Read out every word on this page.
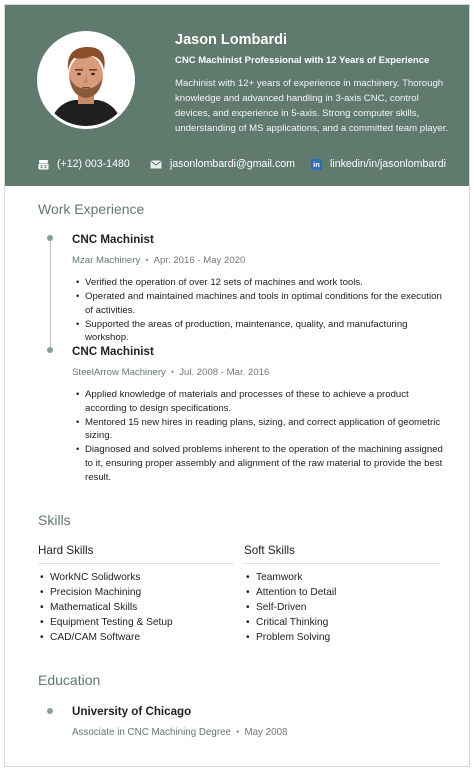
Jason Lombardi
CNC Machinist Professional with 12 Years of Experience
Machinist with 12+ years of experience in machinery. Thorough knowledge and advanced handling in 3-axis CNC, control devices, and experience in 5-axis. Strong computer skills, understanding of MS applications, and a committed team player.
(+12) 003-1480	jasonlombardi@gmail.com in linkedin/in/jasonlombardi
Work Experience
CNC Machinist
Mzar Machinery • Apr. 2016 - May 2020
• Verified the operation of over 12 sets of machines and work tools.
• Operated and maintained machines and tools in optimal conditions for the execution of activities.
• Supported the areas of production, maintenance, quality, and manufacturing workshop.
CNC Machinist
SteelArrow Machinery • Jul. 2008 - Mar. 2016
• Applied knowledge of materials and processes of these to achieve a product according to design specifications.
• Mentored 15 new hires in reading plans, sizing, and correct application of geometric sizing.
• Diagnosed and solved problems inherent to the operation of the machining assigned to it, ensuring proper assembly and alignment of the raw material to provide the best result.
Skills
Hard Skills
• WorkNC Solidworks
• Precision Machining
• Mathematical Skills
• Equipment Testing & Setup
• CAD/CAM Software
Soft Skills
• Teamwork
• Attention to Detail
• Self-Driven
• Critical Thinking
• Problem Solving
Education
University of Chicago
Associate in CNC Machining Degree • May 2008
